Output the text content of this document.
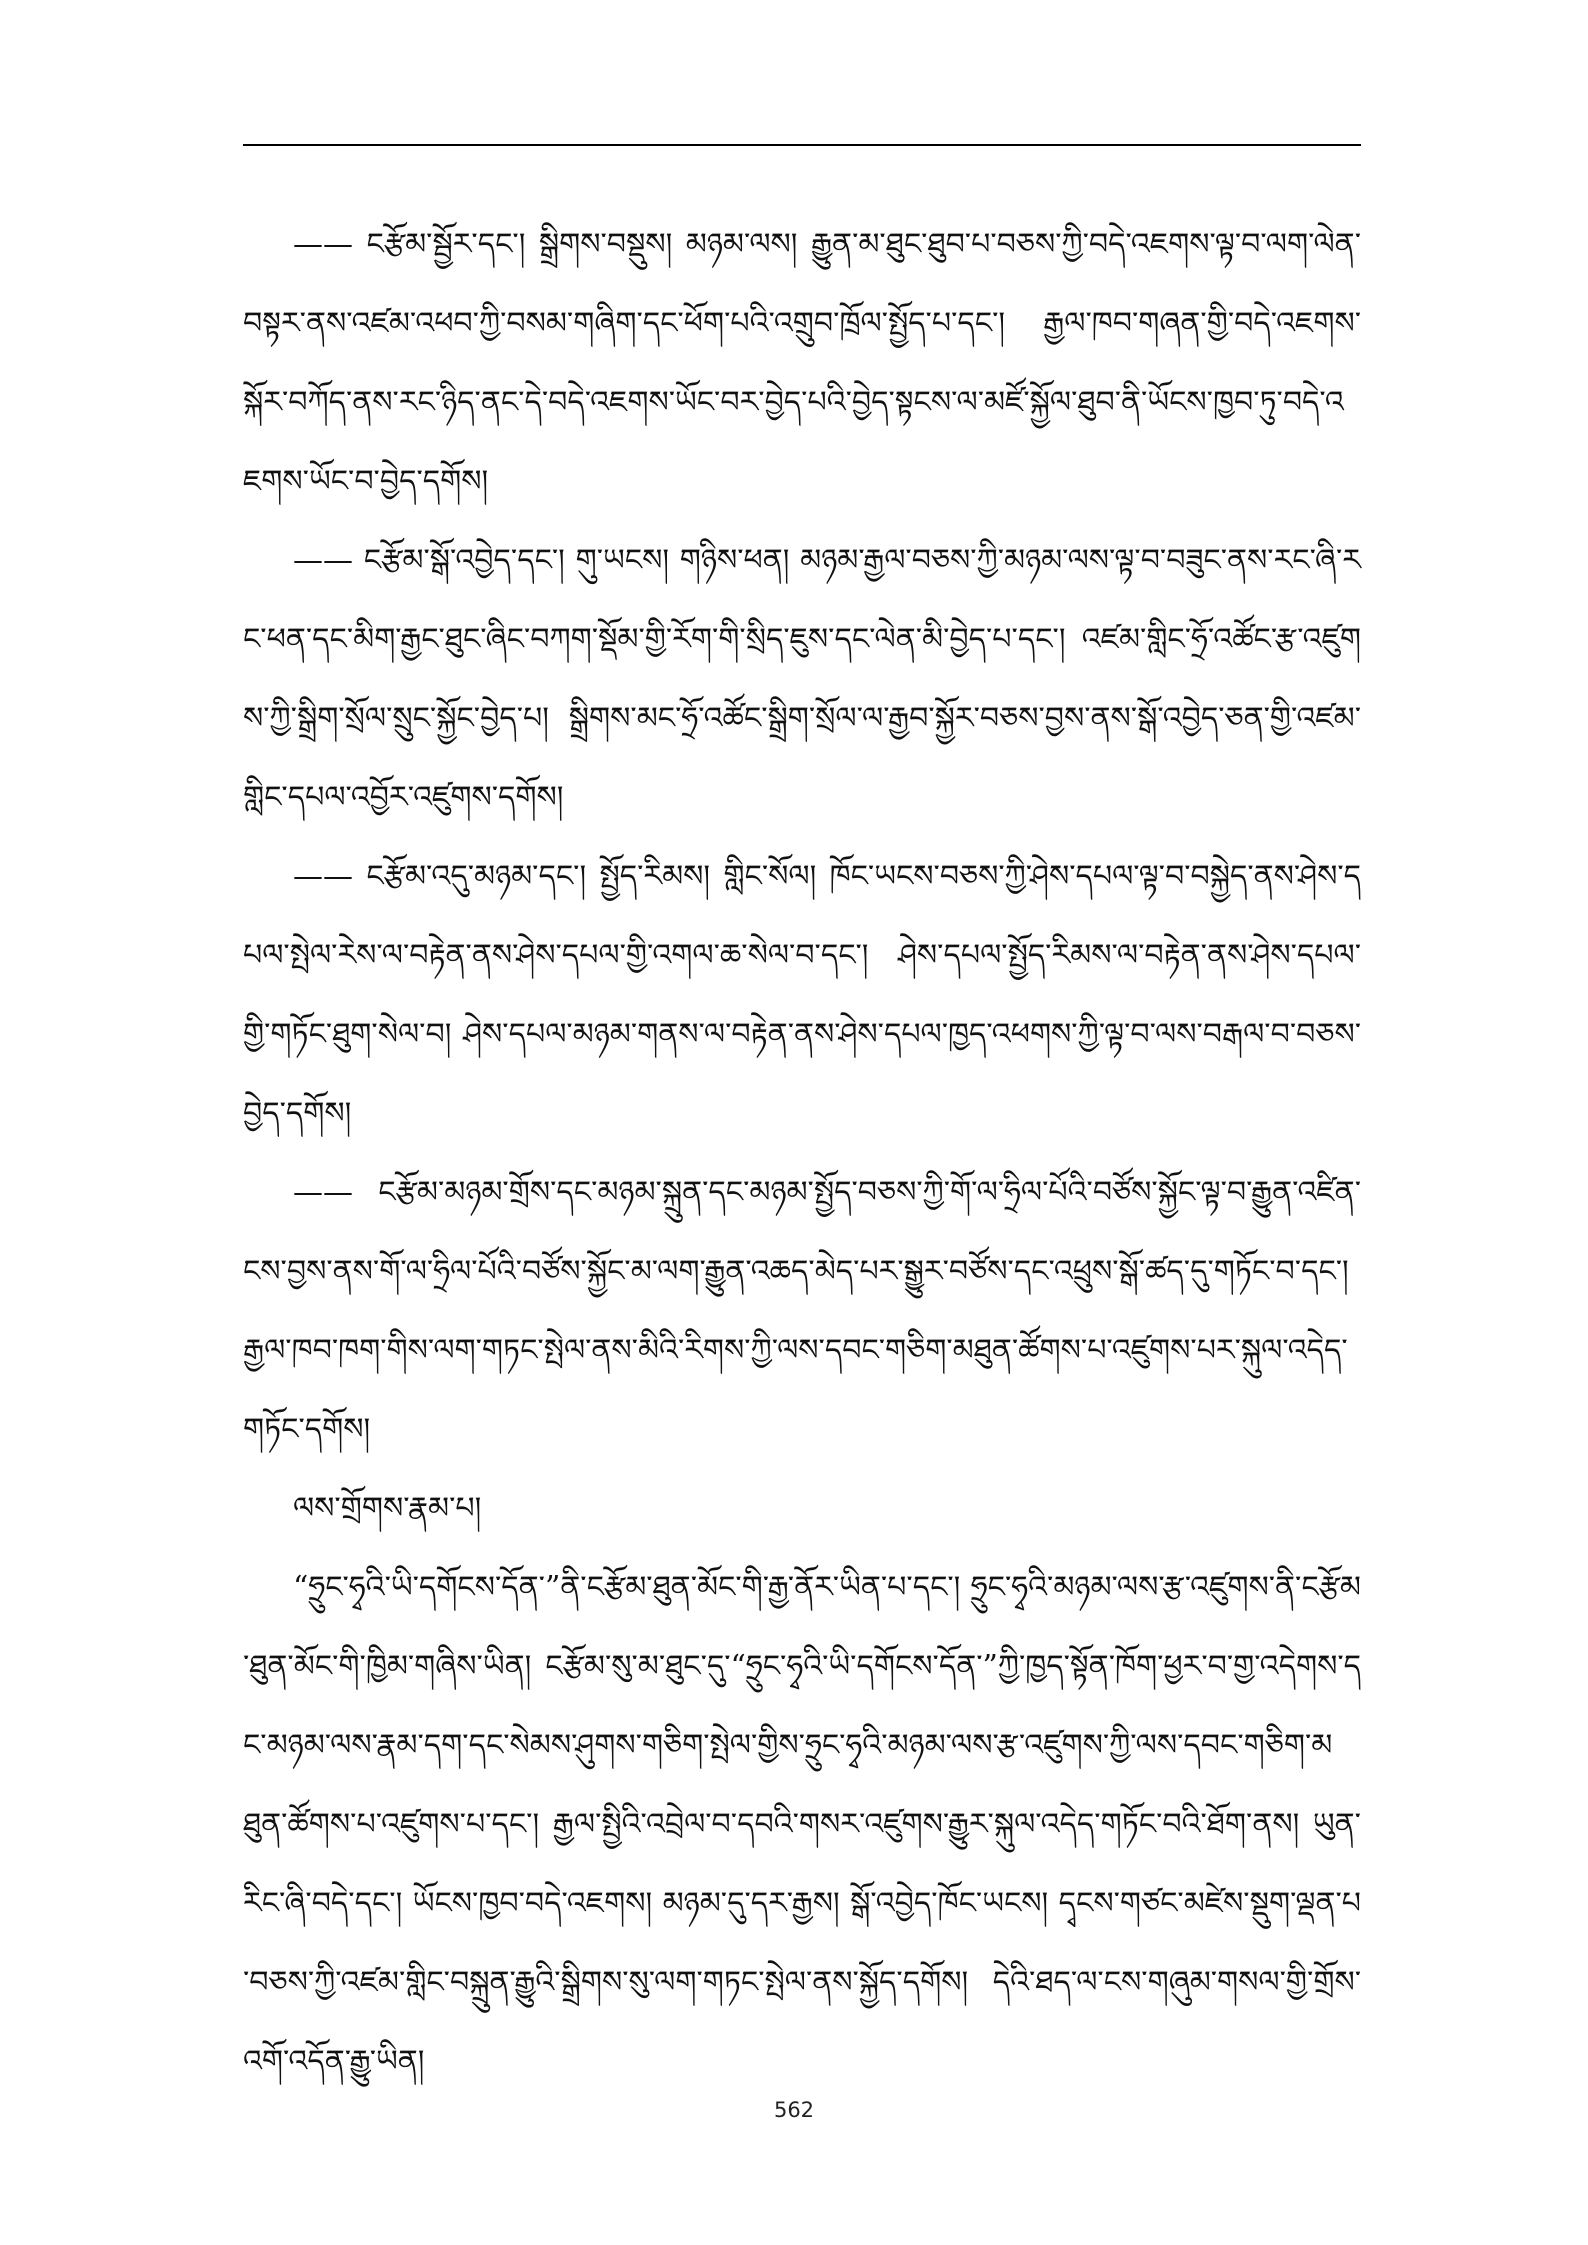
—— ངརྩོམ་སྦྱོར་དང་། སྒྲིགས་བསྡུས། མཉམ་ལས། རྒྱུན་མ་ཐུང་ཐུབ་པ་བཅས་ཀྱི་བདེ་འཇགས་ལྟ་བ་ལག་ལེན་བསྟར་ནས་འཛམ་འཕབ་ཀྱི་བསམ་གཞིག་དང་ཕོག་པའི་འགྲུབ་ཁྲོལ་སྤྱོད་པ་དང་། རྒྱལ་ཁབ་གཞན་གྱི་བདེ་འཇགས་སྐོར་བཀོད་ནས་རང་ཉིད་ནང་དེ་བདེ་འཇགས་ཡོང་བར་བྱེད་པའི་བྱེད་སྟངས་ལ་མཛོ་སྐྱོལ་ཐུབ་ནི་ཡོངས་ཁྱབ་ཏུ་བདེ་འཇགས་ཡོང་བ་བྱེད་དགོས།

—— ངརྩོམ་སྒོ་འབྱེད་དང་། གུ་ཡངས། གཉིས་ཕན། མཉམ་རྒྱལ་བཅས་ཀྱི་མཉམ་ལས་ལྟ་བ་བཟུང་ནས་རང་ཞི་རང་ཕན་དང་མིག་རྒྱང་ཐུང་ཞིང་བཀག་སྡོམ་གྱི་ཪོག་གི་སྲིད་ཇུས་དང་ལེན་མི་བྱེད་པ་དང་། འཛམ་གླིང་ཧྲོ་འཚོང་རྩ་འཛུགས་ཀྱི་སྒྲིག་སྲོལ་སྲུང་སྐྱོང་བྱེད་པ། སྒྲིགས་མང་ཧྲོ་འཚོང་སྒྲིག་སྲོལ་ལ་རྒྱབ་སྐྱོར་བཅས་བྱས་ནས་སྒོ་འབྱེད་ཅན་གྱི་འཛམ་གླིང་དཔལ་འབྱོར་འཛུགས་དགོས།

—— ངརྩོམ་འདུ་མཉམ་དང་། སྤྱོད་རིམས། གླིང་སོལ། ཁོང་ཡངས་བཅས་ཀྱི་ཤེས་དཔལ་ལྟ་བ་བསྐྱེད་ནས་ཤེས་དཔལ་སྤེལ་རེས་ལ་བརྟེན་ནས་ཤེས་དཔལ་གྱི་འགལ་ཆ་སེལ་བ་དང་། ཤེས་དཔལ་སྤྱོད་རིམས་ལ་བརྟེན་ནས་ཤེས་དཔལ་གྱི་གཏོང་ཐུག་སེལ་བ། ཤེས་དཔལ་མཉམ་གནས་ལ་བརྟེན་ནས་ཤེས་དཔལ་ཁྱད་འཕགས་ཀྱི་ལྟ་བ་ལས་བརྒལ་བ་བཅས་བྱེད་དགོས།

—— ངརྩོམ་མཉམ་གྲོས་དང་མཉམ་སྐྲུན་དང་མཉམ་སྤྱོད་བཅས་ཀྱི་གོ་ལ་ཧྲིལ་པོའི་བཙོས་སྐྱོང་ལྟ་བ་རྒྱུན་འཛིན་ངས་བྱས་ནས་གོ་ལ་ཧྲིལ་པོའི་བཙོས་སྐྱོང་མ་ལག་རྒྱུན་འཆད་མེད་པར་སྒྱུར་བཙོས་དང་འཕྲུས་སྒོ་ཚད་དུ་གཏོང་བ་དང་། རྒྱལ་ཁབ་ཁག་གིས་ལག་གཏང་སྤེལ་ནས་མིའི་རིགས་ཀྱི་ལས་དབང་གཅིག་མཐུན་ཚོགས་པ་འཛུགས་པར་སྐུལ་འདེད་གཏོང་དགོས།

ལས་གྲོགས་རྣམ་པ།

“ཧྲུང་ཧྭའི་ཡི་དགོངས་དོན་”ནི་ངརྩོམ་ཐུན་མོང་གི་རྒྱ་ནོར་ཡིན་པ་དང་། ཧྲུང་ཧྭའི་མཉམ་ལས་རྩ་འཛུགས་ནི་ངརྩོམ་ཐུན་མོང་གི་ཁྱིམ་གཞིས་ཡིན། ངརྩོམ་སུ་མ་ཐུང་དུ་“ཧྲུང་ཧྭའི་ཡི་དགོངས་དོན་”ཀྱི་ཁྱད་སྟོན་ཁོག་ཕྱར་བ་གྱ་འདེགས་དང་མཉམ་ལས་རྣམ་དག་དང་སེམས་ཤུགས་གཅིག་སྤེལ་གྱིས་ཧྲུང་ཧྭའི་མཉམ་ལས་རྩ་འཛུགས་ཀྱི་ལས་དབང་གཅིག་མཐུན་ཚོགས་པ་འཛུགས་པ་དང་། རྒྱལ་སྤྱིའི་འབྲེལ་བ་དབའི་གསར་འཛུགས་རྒྱུར་སྐུལ་འདེད་གཏོང་བའི་ཐོག་ནས། ཡུན་རིང་ཞི་བདེ་དང་། ཡོངས་ཁྱབ་བདེ་འཇགས། མཉམ་དུ་དར་རྒྱས། སྒོ་འབྱེད་ཁོང་ཡངས། དྭངས་གཙང་མཛེས་སྡུག་ལྡན་པ་བཅས་ཀྱི་འཛམ་གླིང་བསྐྲུན་རྒྱུའི་སྒྲིགས་སུ་ལག་གཏང་སྤེལ་ནས་སྐྱོད་དགོས། དེའི་ཐད་ལ་ངས་གཞུམ་གསལ་གྱི་གྲོས་འགོ་འདོན་རྒྱུ་ཡིན།

562
